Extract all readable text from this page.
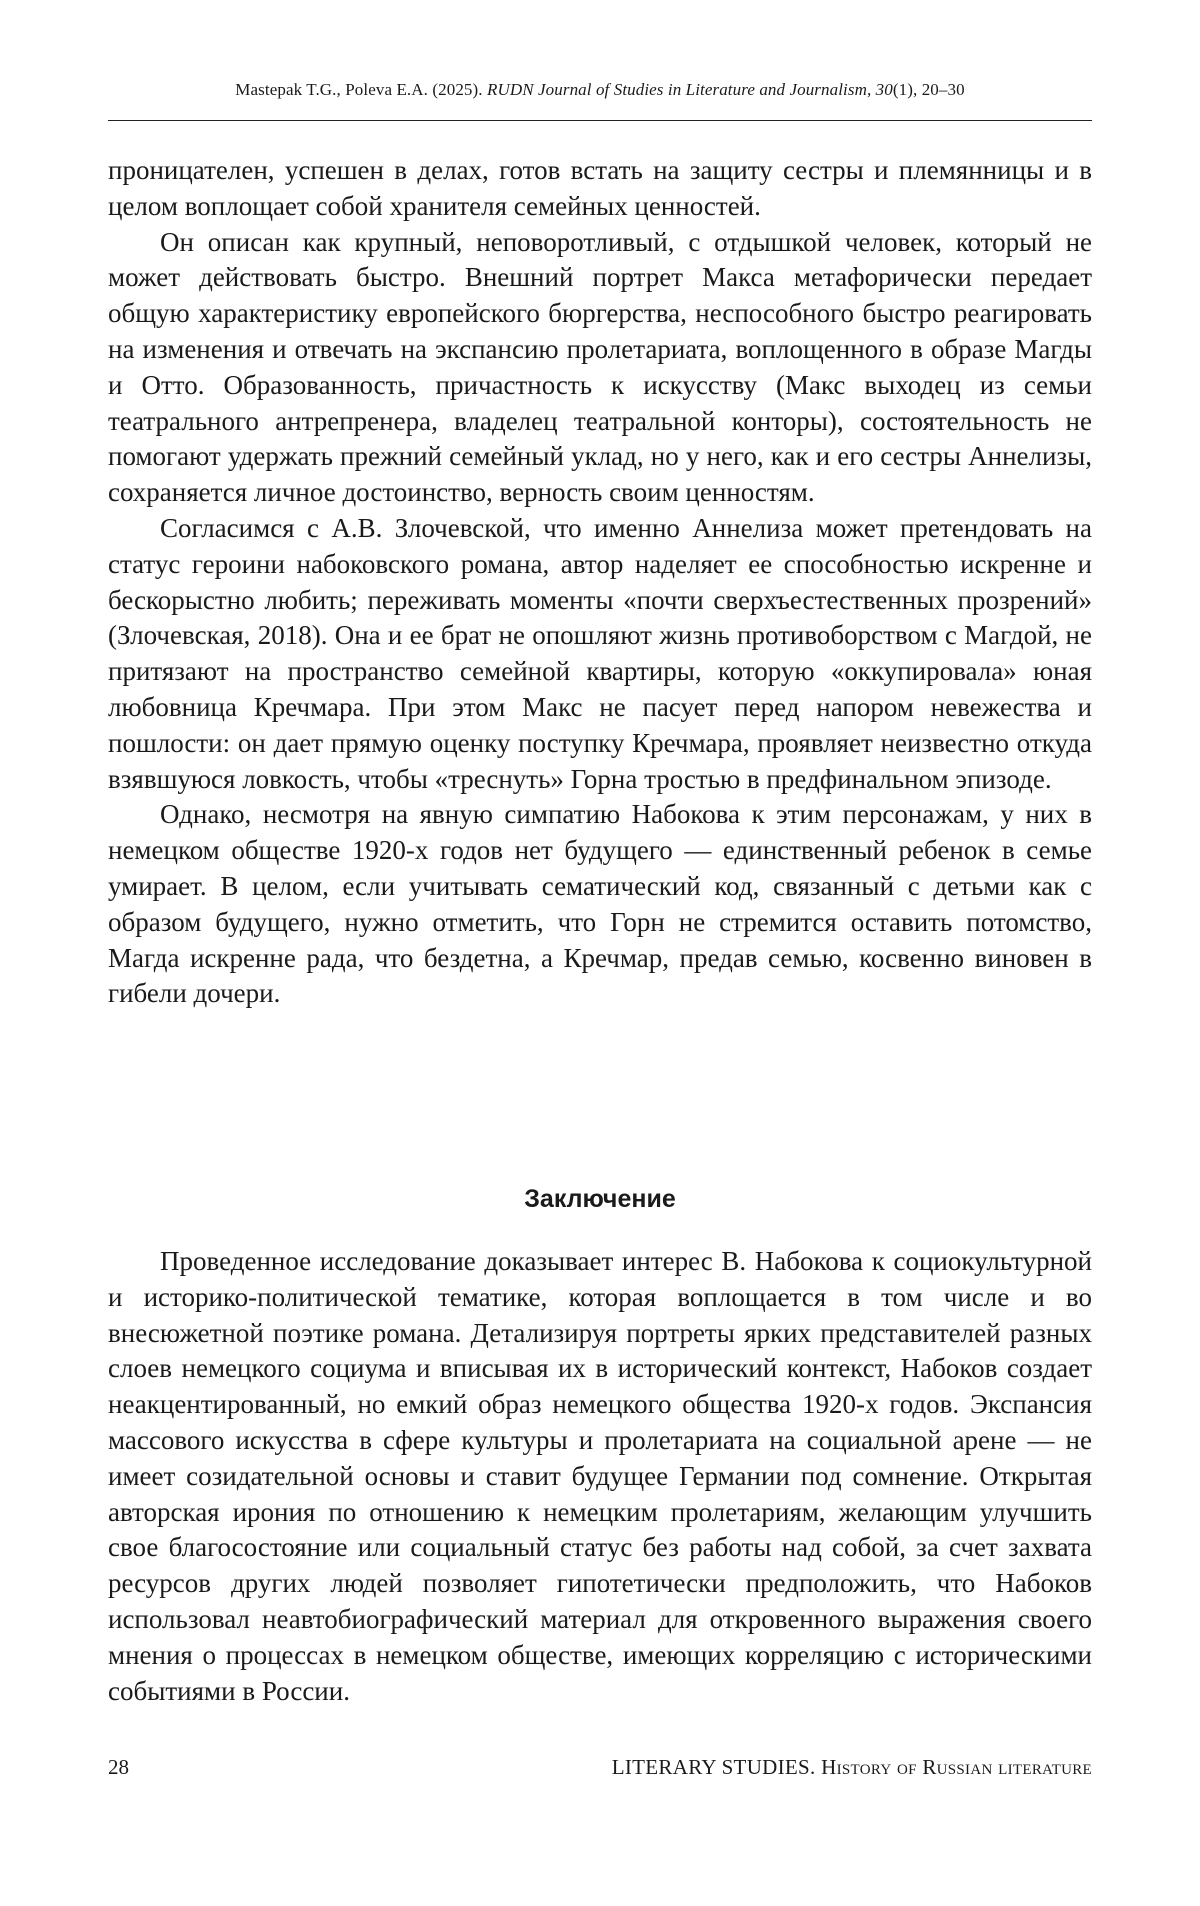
Mastepak T.G., Poleva E.A. (2025). RUDN Journal of Studies in Literature and Journalism, 30(1), 20–30

проницателен, успешен в делах, готов встать на защиту сестры и племянницы и в целом воплощает собой хранителя семейных ценностей.

Он описан как крупный, неповоротливый, с отдышкой человек, который не может действовать быстро. Внешний портрет Макса метафорически передает общую характеристику европейского бюргерства, неспособного быстро реагировать на изменения и отвечать на экспансию пролетариата, воплощенного в образе Магды и Отто. Образованность, причастность к искусству (Макс выходец из семьи театрального антрепренера, владелец театральной конторы), состоятельность не помогают удержать прежний семейный уклад, но у него, как и его сестры Аннелизы, сохраняется личное достоинство, верность своим ценностям.

Согласимся с А.В. Злочевской, что именно Аннелиза может претендовать на статус героини набоковского романа, автор наделяет ее способностью искренне и бескорыстно любить; переживать моменты «почти сверхъестественных прозрений» (Злочевская, 2018). Она и ее брат не опошляют жизнь противоборством с Магдой, не притязают на пространство семейной квартиры, которую «оккупировала» юная любовница Кречмара. При этом Макс не пасует перед напором невежества и пошлости: он дает прямую оценку поступку Кречмара, проявляет неизвестно откуда взявшуюся ловкость, чтобы «треснуть» Горна тростью в предфинальном эпизоде.

Однако, несмотря на явную симпатию Набокова к этим персонажам, у них в немецком обществе 1920-х годов нет будущего — единственный ребенок в семье умирает. В целом, если учитывать сематический код, связанный с детьми как с образом будущего, нужно отметить, что Горн не стремится оставить потомство, Магда искренне рада, что бездетна, а Кречмар, предав семью, косвенно виновен в гибели дочери.

Заключение

Проведенное исследование доказывает интерес В. Набокова к социокультурной и историко-политической тематике, которая воплощается в том числе и во внесюжетной поэтике романа. Детализируя портреты ярких представителей разных слоев немецкого социума и вписывая их в исторический контекст, Набоков создает неакцентированный, но емкий образ немецкого общества 1920-х годов. Экспансия массового искусства в сфере культуры и пролетариата на социальной арене — не имеет созидательной основы и ставит будущее Германии под сомнение. Открытая авторская ирония по отношению к немецким пролетариям, желающим улучшить свое благосостояние или социальный статус без работы над собой, за счет захвата ресурсов других людей позволяет гипотетически предположить, что Набоков использовал неавтобиографический материал для откровенного выражения своего мнения о процессах в немецком обществе, имеющих корреляцию с историческими событиями в России.

28	LITERARY STUDIES. History of Russian literature
